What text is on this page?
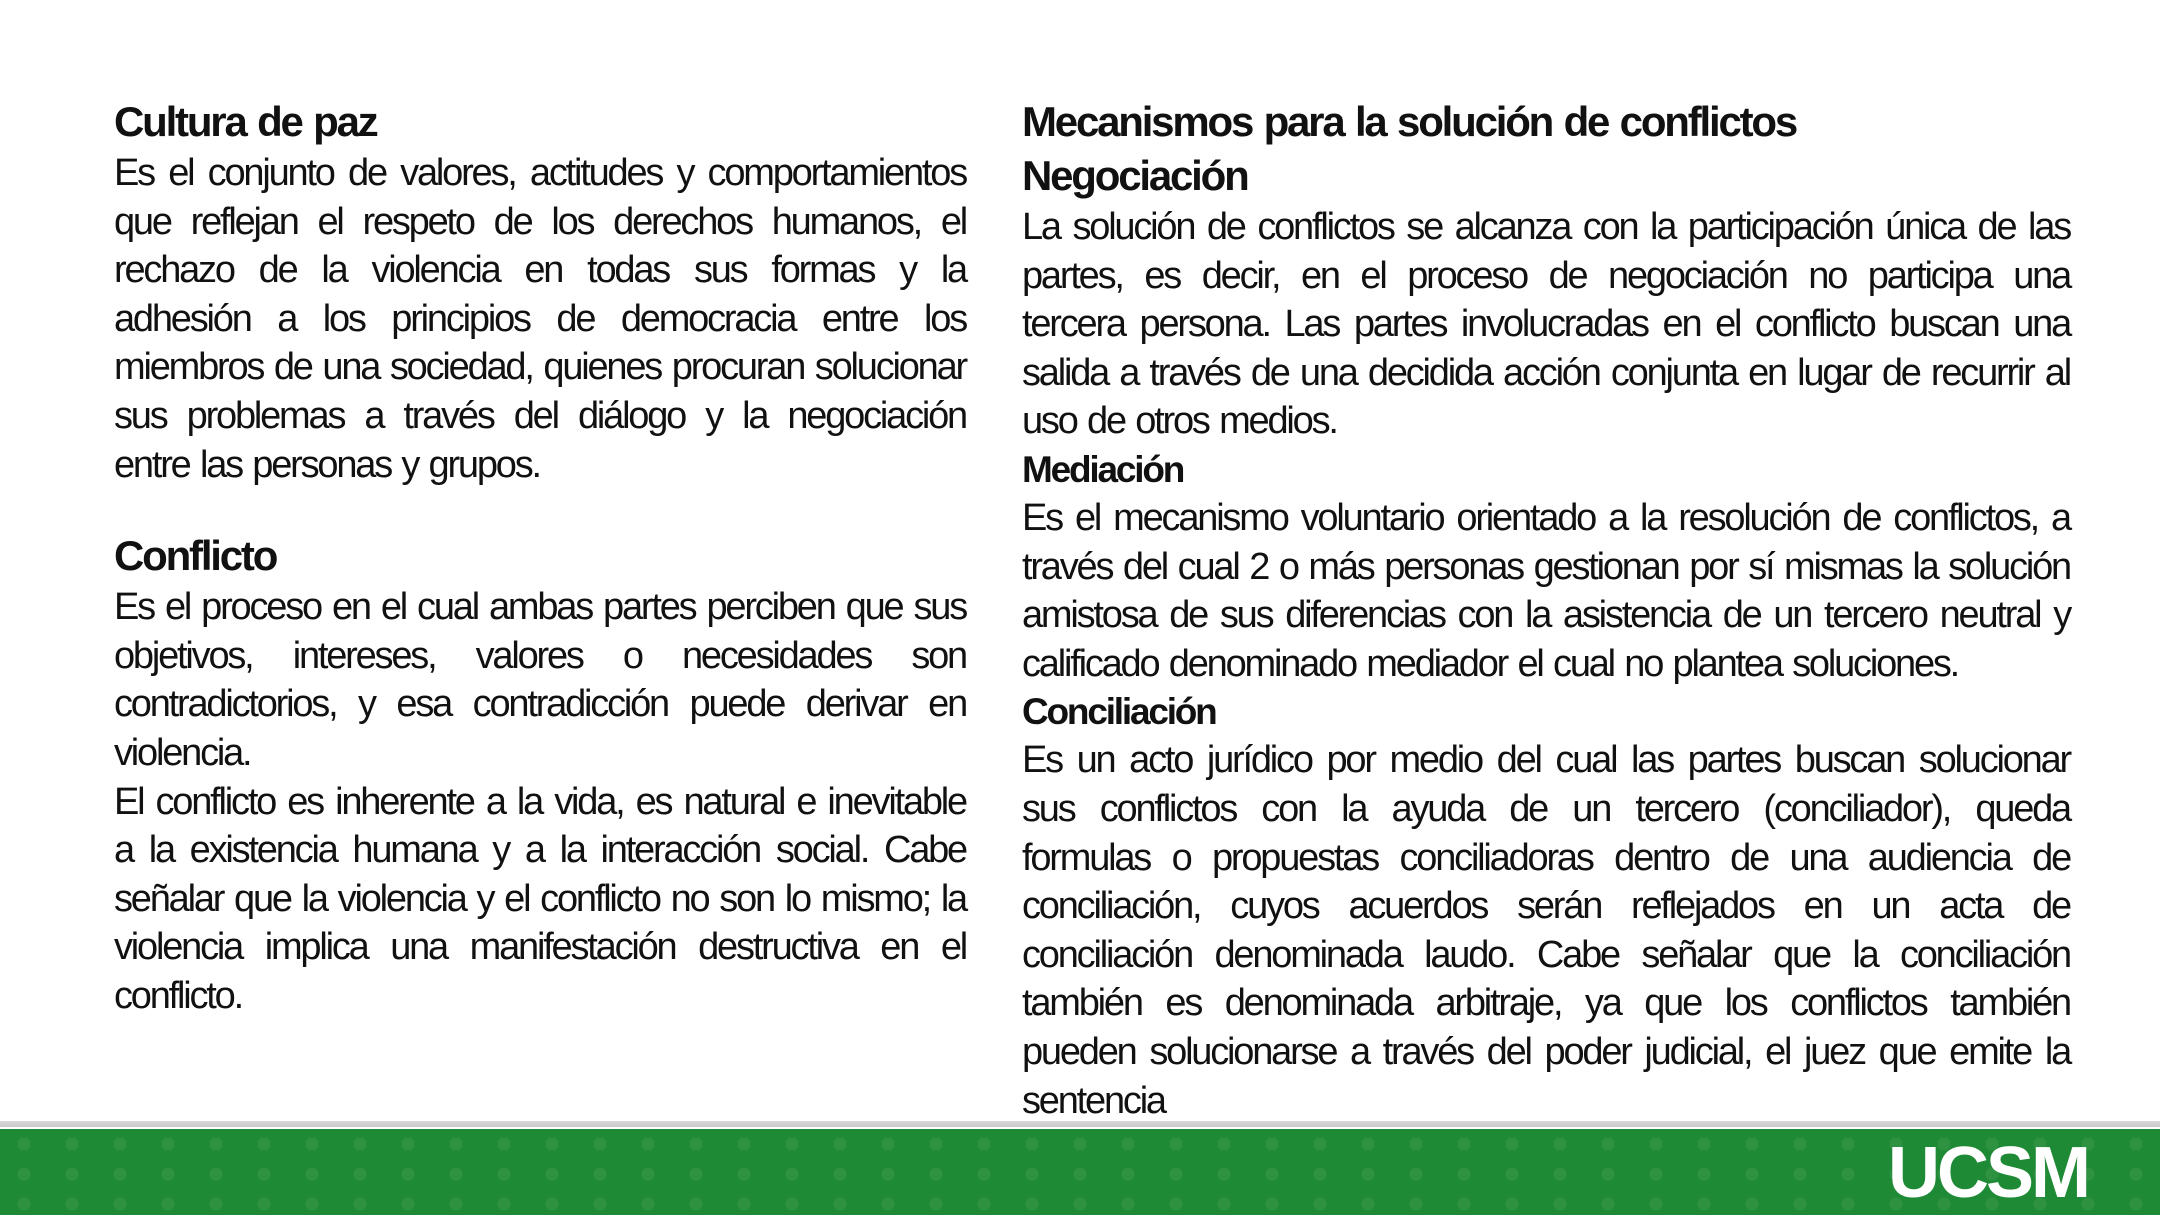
Cultura de paz

Es el conjunto de valores, actitudes y comportamientos que reflejan el respeto de los derechos humanos, el rechazo de la violencia en todas sus formas y la adhesión a los principios de democracia entre los miembros de una sociedad, quienes procuran solucionar sus problemas a través del diálogo y la negociación entre las personas y grupos.

Conflicto

Es el proceso en el cual ambas partes perciben que sus objetivos, intereses, valores o necesidades son contradictorios, y esa contradicción puede derivar en violencia.

El conflicto es inherente a la vida, es natural e inevitable a la existencia humana y a la interacción social. Cabe señalar que la violencia y el conflicto no son lo mismo; la violencia implica una manifestación destructiva en el conflicto.

Mecanismos para la solución de conflictos
Negociación

La solución de conflictos se alcanza con la participación única de las partes, es decir, en el proceso de negociación no participa una tercera persona. Las partes involucradas en el conflicto buscan una salida a través de una decidida acción conjunta en lugar de recurrir al uso de otros medios.

Mediación

Es el mecanismo voluntario orientado a la resolución de conflictos, a través del cual 2 o más personas gestionan por sí mismas la solución amistosa de sus diferencias con la asistencia de un tercero neutral y calificado denominado mediador el cual no plantea soluciones.

Conciliación

Es un acto jurídico por medio del cual las partes buscan solucionar sus conflictos con la ayuda de un tercero (conciliador), queda formulas o propuestas conciliadoras dentro de una audiencia de conciliación, cuyos acuerdos serán reflejados en un acta de conciliación denominada laudo. Cabe señalar que la conciliación también es denominada arbitraje, ya que los conflictos también pueden solucionarse a través del poder judicial, el juez que emite la sentencia

UCSM
